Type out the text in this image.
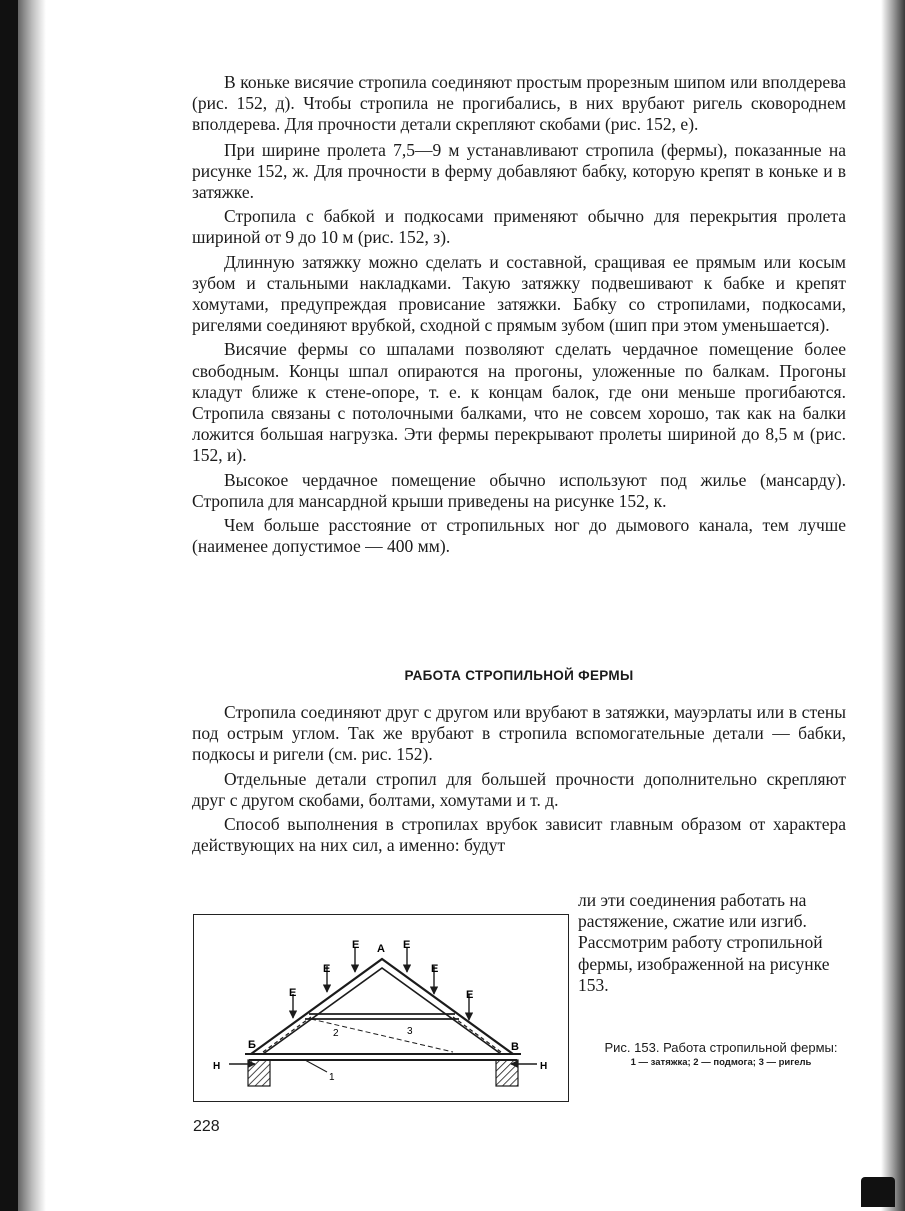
В коньке висячие стропила соединяют простым прорезным шипом или вполдерева (рис. 152, д). Чтобы стропила не прогибались, в них врубают ригель сковороднем вполдерева. Для прочности детали скрепляют скобами (рис. 152, е).

При ширине пролета 7,5—9 м устанавливают стропила (фермы), показанные на рисунке 152, ж. Для прочности в ферму добавляют бабку, которую крепят в коньке и в затяжке.

Стропила с бабкой и подкосами применяют обычно для перекрытия пролета шириной от 9 до 10 м (рис. 152, з).

Длинную затяжку можно сделать и составной, сращивая ее прямым или косым зубом и стальными накладками. Такую затяжку подвешивают к бабке и крепят хомутами, предупреждая провисание затяжки. Бабку со стропилами, подкосами, ригелями соединяют врубкой, сходной с прямым зубом (шип при этом уменьшается).

Висячие фермы со шпалами позволяют сделать чердачное помещение более свободным. Концы шпал опираются на прогоны, уложенные по балкам. Прогоны кладут ближе к стене-опоре, т. е. к концам балок, где они меньше прогибаются. Стропила связаны с потолочными балками, что не совсем хорошо, так как на балки ложится большая нагрузка. Эти фермы перекрывают пролеты шириной до 8,5 м (рис. 152, и).

Высокое чердачное помещение обычно используют под жилье (мансарду). Стропила для мансардной крыши приведены на рисунке 152, к.

Чем больше расстояние от стропильных ног до дымового канала, тем лучше (наименее допустимое — 400 мм).

РАБОТА СТРОПИЛЬНОЙ ФЕРМЫ

Стропила соединяют друг с другом или врубают в затяжки, мауэрлаты или в стены под острым углом. Так же врубают в стропила вспомогательные детали — бабки, подкосы и ригели (см. рис. 152).

Отдельные детали стропил для большей прочности дополнительно скрепляют друг с другом скобами, болтами, хомутами и т. д.

Способ выполнения в стропилах врубок зависит главным образом от характера действующих на них сил, а именно: будут

ли эти соединения работать на растяжение, сжатие или изгиб. Рассмотрим работу стропильной фермы, изображенной на рисунке 153.
Е А Е
Е	Е
Е	Е
Б	В
Н	Н
1
2	3
Рис. 153. Работа стропильной фермы:
1 — затяжка; 2 — подмога; 3 — ригель
228
